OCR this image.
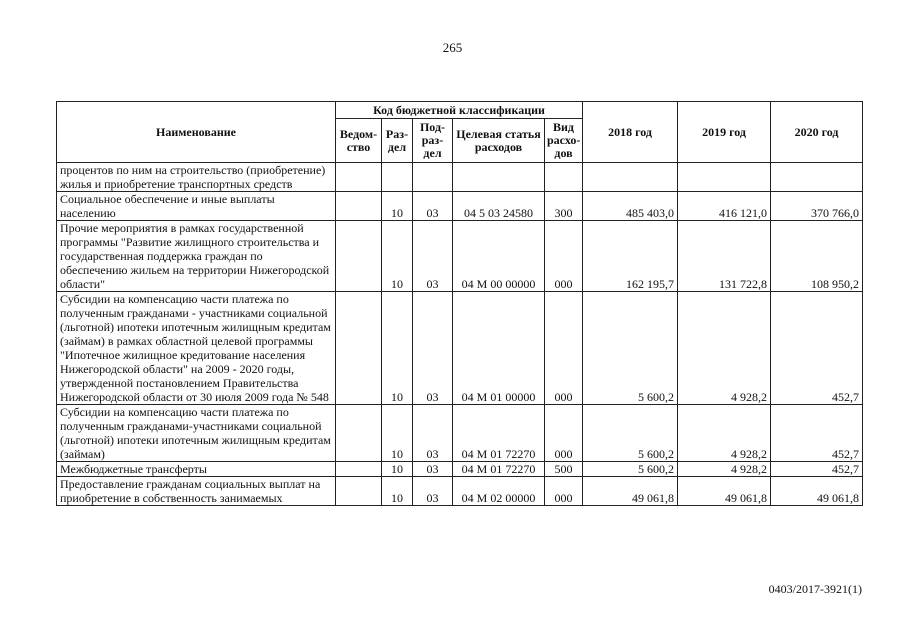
265
Наименование	Код бюджетной классификации					2018 год	2019 год	2020 год
	Ведом-ство	Раз-дел	Под-раз-дел	Целевая статья расходов	Вид расхо-дов			
процентов по ним на строительство (приобретение) жилья и приобретение транспортных средств								
Социальное обеспечение и иные выплаты населению		10	03	04 5 03 24580	300	485 403,0	416 121,0	370 766,0
Прочие мероприятия в рамках государственной программы "Развитие жилищного строительства и государственная поддержка граждан по обеспечению жильем на территории Нижегородской области"		10	03	04 М 00 00000	000	162 195,7	131 722,8	108 950,2
Субсидии на компенсацию части платежа по полученным гражданами - участниками социальной (льготной) ипотеки ипотечным жилищным кредитам (займам) в рамках областной целевой программы "Ипотечное жилищное кредитование населения Нижегородской области" на 2009 - 2020 годы, утвержденной постановлением Правительства Нижегородской области от 30 июля 2009 года № 548		10	03	04 М 01 00000	000	5 600,2	4 928,2	452,7
Субсидии на компенсацию части платежа по полученным гражданами-участниками социальной (льготной) ипотеки ипотечным жилищным кредитам (займам)		10	03	04 М 01 72270	000	5 600,2	4 928,2	452,7
Межбюджетные трансферты		10	03	04 М 01 72270	500	5 600,2	4 928,2	452,7
Предоставление гражданам социальных выплат на приобретение в собственность занимаемых		10	03	04 М 02 00000	000	49 061,8	49 061,8	49 061,8
0403/2017-3921(1)
